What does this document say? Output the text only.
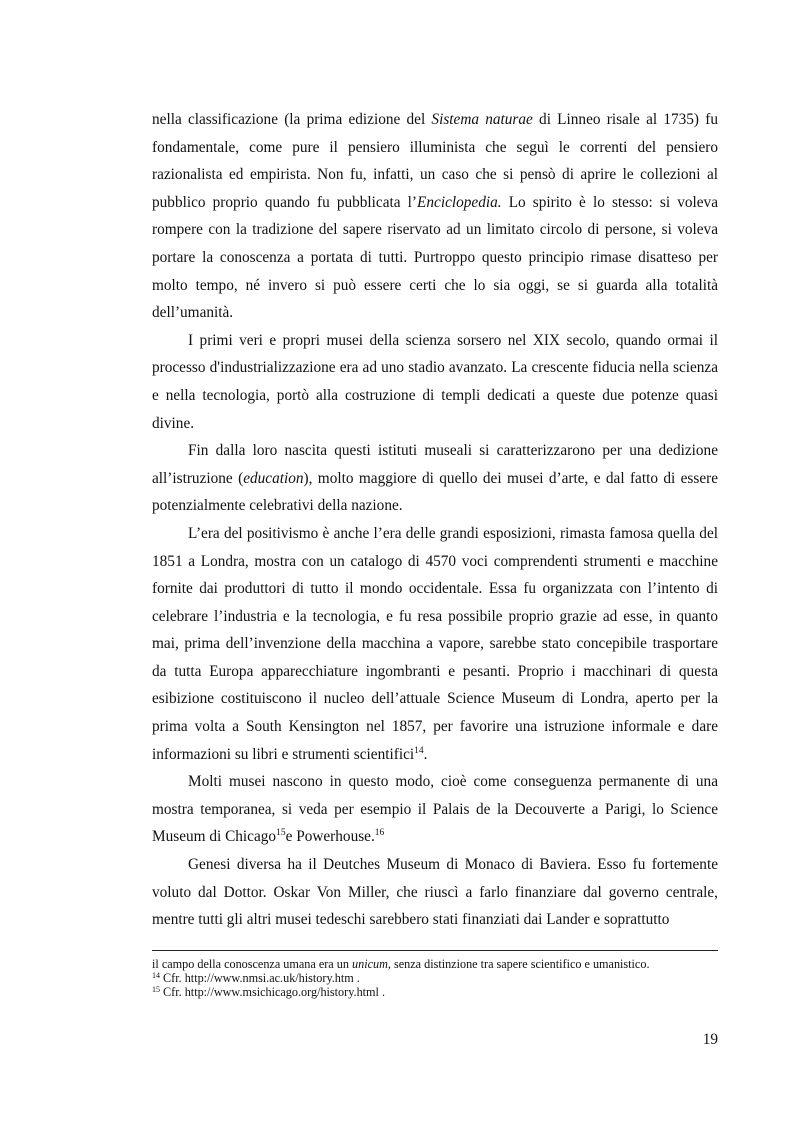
nella classificazione (la prima edizione del Sistema naturae di Linneo risale al 1735) fu fondamentale, come pure il pensiero illuminista che seguì le correnti del pensiero razionalista ed empirista. Non fu, infatti, un caso che si pensò di aprire le collezioni al pubblico proprio quando fu pubblicata l’Enciclopedia. Lo spirito è lo stesso: si voleva rompere con la tradizione del sapere riservato ad un limitato circolo di persone, si voleva portare la conoscenza a portata di tutti. Purtroppo questo principio rimase disatteso per molto tempo, né invero si può essere certi che lo sia oggi, se si guarda alla totalità dell’umanità.

I primi veri e propri musei della scienza sorsero nel XIX secolo, quando ormai il processo d'industrializzazione era ad uno stadio avanzato. La crescente fiducia nella scienza e nella tecnologia, portò alla costruzione di templi dedicati a queste due potenze quasi divine.

Fin dalla loro nascita questi istituti museali si caratterizzarono per una dedizione all’istruzione (education), molto maggiore di quello dei musei d’arte, e dal fatto di essere potenzialmente celebrativi della nazione.

L’era del positivismo è anche l’era delle grandi esposizioni, rimasta famosa quella del 1851 a Londra, mostra con un catalogo di 4570 voci comprendenti strumenti e macchine fornite dai produttori di tutto il mondo occidentale. Essa fu organizzata con l’intento di celebrare l’industria e la tecnologia, e fu resa possibile proprio grazie ad esse, in quanto mai, prima dell’invenzione della macchina a vapore, sarebbe stato concepibile trasportare da tutta Europa apparecchiature ingombranti e pesanti. Proprio i macchinari di questa esibizione costituiscono il nucleo dell’attuale Science Museum di Londra, aperto per la prima volta a South Kensington nel 1857, per favorire una istruzione informale e dare informazioni su libri e strumenti scientifici$^{14}$.

Molti musei nascono in questo modo, cioè come conseguenza permanente di una mostra temporanea, si veda per esempio il Palais de la Decouverte a Parigi, lo Science Museum di Chicago$^{15}$e Powerhouse.$^{16}$

Genesi diversa ha il Deutches Museum di Monaco di Baviera. Esso fu fortemente voluto dal Dottor. Oskar Von Miller, che riuscì a farlo finanziare dal governo centrale, mentre tutti gli altri musei tedeschi sarebbero stati finanziati dai Lander e soprattutto

il campo della conoscenza umana era un unicum, senza distinzione tra sapere scientifico e umanistico.
$^{14}$ Cfr. http://www.nmsi.ac.uk/history.htm .
$^{15}$ Cfr. http://www.msichicago.org/history.html .
19
